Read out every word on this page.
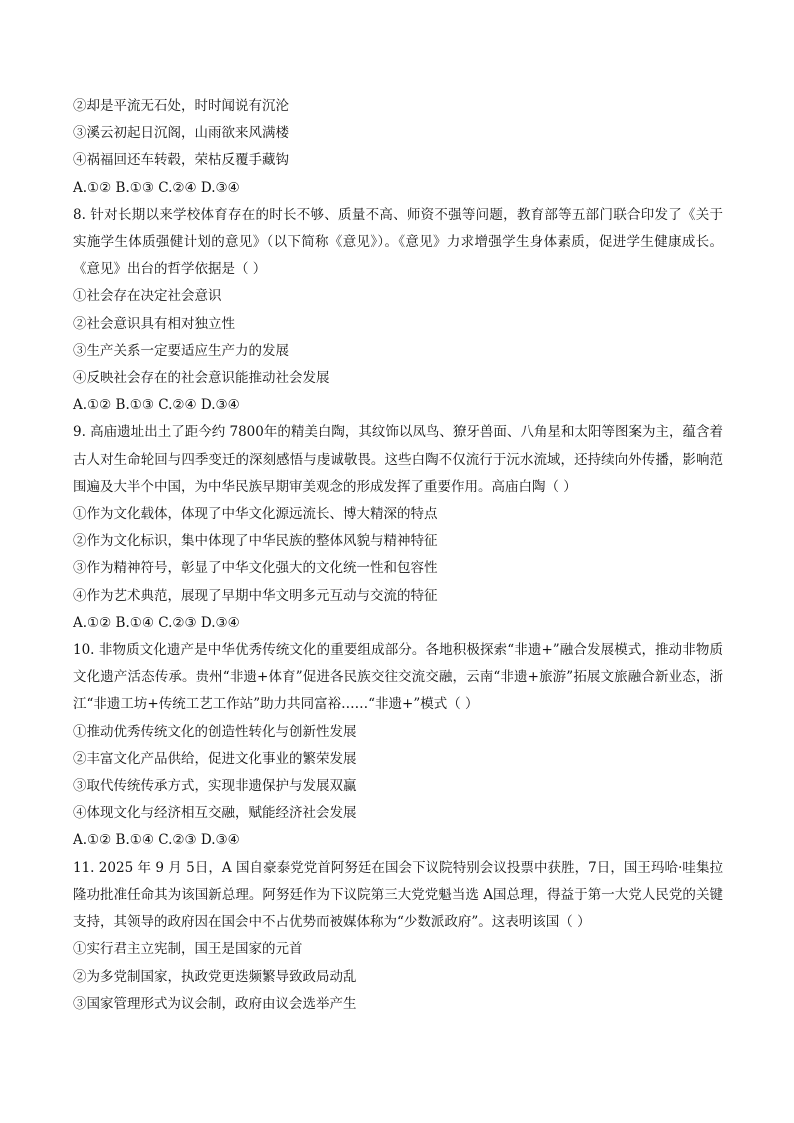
②却是平流无石处，时时闻说有沉沦
③溪云初起日沉阁，山雨欲来风满楼
④祸福回还车转毂，荣枯反覆手藏钩
A.①② B.①③ C.②④ D.③④
8. 针对长期以来学校体育存在的时长不够、质量不高、师资不强等问题，教育部等五部门联合印发了《关于实施学生体质强健计划的意见》（以下简称《意见》）。《意见》力求增强学生身体素质，促进学生健康成长。《意见》出台的哲学依据是（ ）
①社会存在决定社会意识
②社会意识具有相对独立性
③生产关系一定要适应生产力的发展
④反映社会存在的社会意识能推动社会发展
A.①② B.①③ C.②④ D.③④
9. 高庙遗址出土了距今约 7800年的精美白陶，其纹饰以凤鸟、獠牙兽面、八角星和太阳等图案为主，蕴含着古人对生命轮回与四季变迁的深刻感悟与虔诚敬畏。这些白陶不仅流行于沅水流域，还持续向外传播，影响范围遍及大半个中国，为中华民族早期审美观念的形成发挥了重要作用。高庙白陶（ ）
①作为文化载体，体现了中华文化源远流长、博大精深的特点
②作为文化标识，集中体现了中华民族的整体风貌与精神特征
③作为精神符号，彰显了中华文化强大的文化统一性和包容性
④作为艺术典范，展现了早期中华文明多元互动与交流的特征
A.①② B.①④ C.②③ D.③④
10. 非物质文化遗产是中华优秀传统文化的重要组成部分。各地积极探索“非遗+”融合发展模式，推动非物质文化遗产活态传承。贵州“非遗+体育”促进各民族交往交流交融，云南“非遗+旅游”拓展文旅融合新业态，浙江“非遗工坊+传统工艺工作站”助力共同富裕……“非遗+”模式（ ）
①推动优秀传统文化的创造性转化与创新性发展
②丰富文化产品供给，促进文化事业的繁荣发展
③取代传统传承方式，实现非遗保护与发展双赢
④体现文化与经济相互交融，赋能经济社会发展
A.①② B.①④ C.②③ D.③④
11. 2025 年 9 月 5日，A 国自豪泰党党首阿努廷在国会下议院特别会议投票中获胜，7日，国王玛哈·哇集拉隆功批准任命其为该国新总理。阿努廷作为下议院第三大党党魁当选 A国总理，得益于第一大党人民党的关键支持，其领导的政府因在国会中不占优势而被媒体称为“少数派政府”。这表明该国（ ）
①实行君主立宪制，国王是国家的元首
②为多党制国家，执政党更迭频繁导致政局动乱
③国家管理形式为议会制，政府由议会选举产生
